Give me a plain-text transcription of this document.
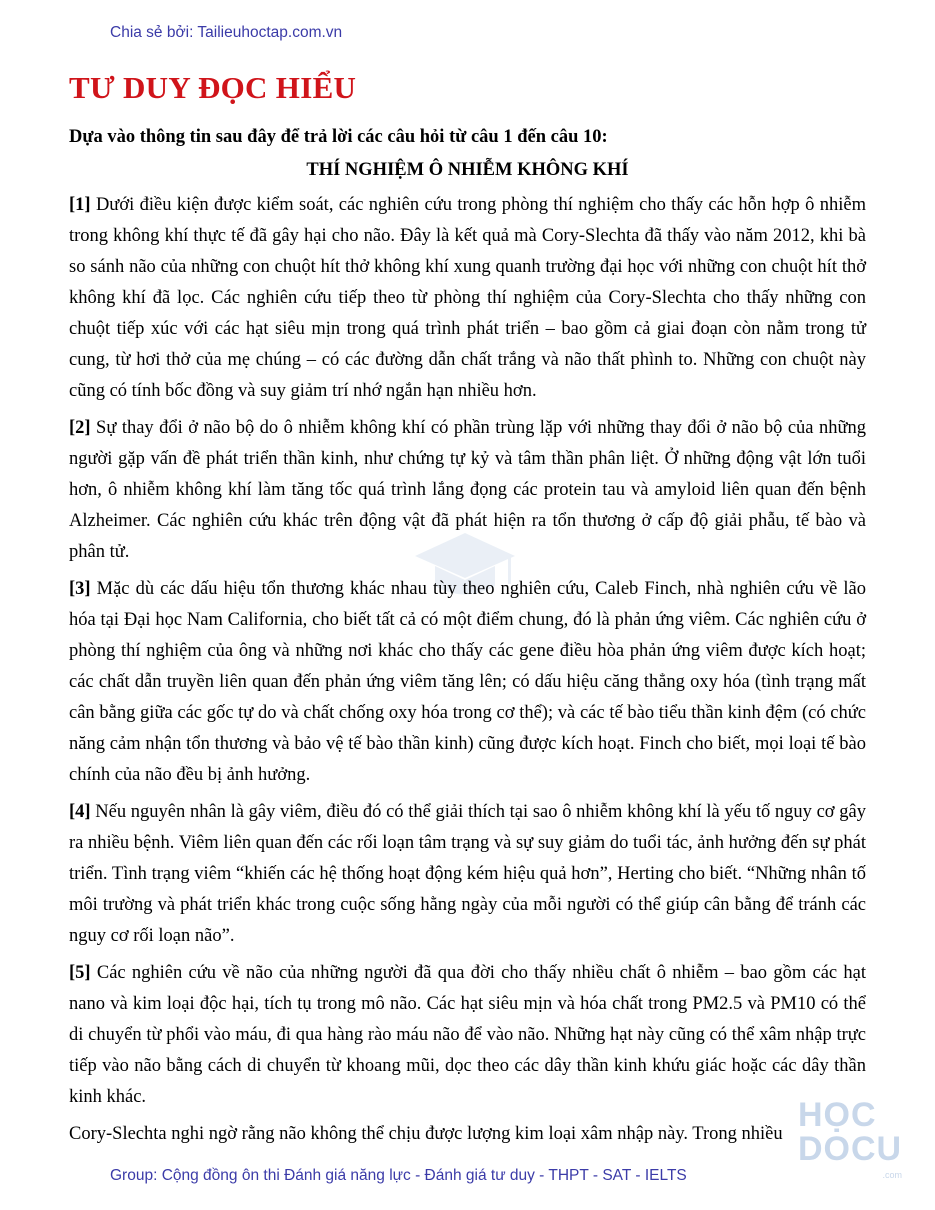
Chia sẻ bởi: Tailieuhoctap.com.vn
TƯ DUY ĐỌC HIỂU
Dựa vào thông tin sau đây để trả lời các câu hỏi từ câu 1 đến câu 10:
THÍ NGHIỆM Ô NHIỄM KHÔNG KHÍ

[1] Dưới điều kiện được kiểm soát, các nghiên cứu trong phòng thí nghiệm cho thấy các hỗn hợp ô nhiễm trong không khí thực tế đã gây hại cho não. Đây là kết quả mà Cory-Slechta đã thấy vào năm 2012, khi bà so sánh não của những con chuột hít thở không khí xung quanh trường đại học với những con chuột hít thở không khí đã lọc. Các nghiên cứu tiếp theo từ phòng thí nghiệm của Cory-Slechta cho thấy những con chuột tiếp xúc với các hạt siêu mịn trong quá trình phát triển – bao gồm cả giai đoạn còn nằm trong tử cung, từ hơi thở của mẹ chúng – có các đường dẫn chất trắng và não thất phình to. Những con chuột này cũng có tính bốc đồng và suy giảm trí nhớ ngắn hạn nhiều hơn.

[2] Sự thay đổi ở não bộ do ô nhiễm không khí có phần trùng lặp với những thay đổi ở não bộ của những người gặp vấn đề phát triển thần kinh, như chứng tự kỷ và tâm thần phân liệt. Ở những động vật lớn tuổi hơn, ô nhiễm không khí làm tăng tốc quá trình lắng đọng các protein tau và amyloid liên quan đến bệnh Alzheimer. Các nghiên cứu khác trên động vật đã phát hiện ra tổn thương ở cấp độ giải phẫu, tế bào và phân tử.

[3] Mặc dù các dấu hiệu tổn thương khác nhau tùy theo nghiên cứu, Caleb Finch, nhà nghiên cứu về lão hóa tại Đại học Nam California, cho biết tất cả có một điểm chung, đó là phản ứng viêm. Các nghiên cứu ở phòng thí nghiệm của ông và những nơi khác cho thấy các gene điều hòa phản ứng viêm được kích hoạt; các chất dẫn truyền liên quan đến phản ứng viêm tăng lên; có dấu hiệu căng thẳng oxy hóa (tình trạng mất cân bằng giữa các gốc tự do và chất chống oxy hóa trong cơ thể); và các tế bào tiểu thần kinh đệm (có chức năng cảm nhận tổn thương và bảo vệ tế bào thần kinh) cũng được kích hoạt. Finch cho biết, mọi loại tế bào chính của não đều bị ảnh hưởng.

[4] Nếu nguyên nhân là gây viêm, điều đó có thể giải thích tại sao ô nhiễm không khí là yếu tố nguy cơ gây ra nhiều bệnh. Viêm liên quan đến các rối loạn tâm trạng và sự suy giảm do tuổi tác, ảnh hưởng đến sự phát triển. Tình trạng viêm “khiến các hệ thống hoạt động kém hiệu quả hơn”, Herting cho biết. “Những nhân tố môi trường và phát triển khác trong cuộc sống hằng ngày của mỗi người có thể giúp cân bằng để tránh các nguy cơ rối loạn não”.

[5] Các nghiên cứu về não của những người đã qua đời cho thấy nhiều chất ô nhiễm – bao gồm các hạt nano và kim loại độc hại, tích tụ trong mô não. Các hạt siêu mịn và hóa chất trong PM2.5 và PM10 có thể di chuyển từ phổi vào máu, đi qua hàng rào máu não để vào não. Những hạt này cũng có thể xâm nhập trực tiếp vào não bằng cách di chuyển từ khoang mũi, dọc theo các dây thần kinh khứu giác hoặc các dây thần kinh khác.

Cory-Slechta nghi ngờ rằng não không thể chịu được lượng kim loại xâm nhập này. Trong nhiều HỌC
DOCU
.com
Group: Cộng đồng ôn thi Đánh giá năng lực - Đánh giá tư duy - THPT - SAT - IELTS
